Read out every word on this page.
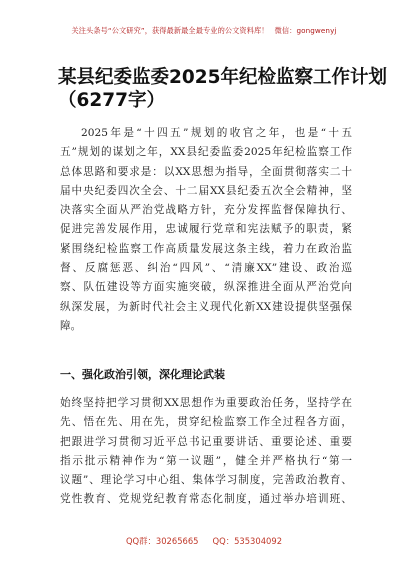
关注头条号“公文研究”，获得最新最全最专业的公文资料库！ 微信：gongwenyj
某县纪委监委2025年纪检监察工作计划
（6277字）
2025年是“十四五”规划的收官之年，也是“十五
五”规划的谋划之年，XX县纪委监委2025年纪检监察工作
总体思路和要求是：以XX思想为指导，全面贯彻落实二十
届中央纪委四次全会、十二届XX县纪委五次全会精神，坚
决落实全面从严治党战略方针，充分发挥监督保障执行、
促进完善发展作用，忠诚履行党章和宪法赋予的职责，紧
紧围绕纪检监察工作高质量发展这条主线，着力在政治监
督、反腐惩恶、纠治“四风”、“清廉XX”建设、政治巡
察、队伍建设等方面实施突破，纵深推进全面从严治党向
纵深发展，为新时代社会主义现代化新XX建设提供坚强保
障。
一、强化政治引领，深化理论武装
始终坚持把学习贯彻XX思想作为重要政治任务，坚持学在
先、悟在先、用在先，贯穿纪检监察工作全过程各方面，
把跟进学习贯彻习近平总书记重要讲话、重要论述、重要
指示批示精神作为“第一议题”，健全并严格执行“第一
议题”、理论学习中心组、集体学习制度，完善政治教育、
党性教育、党规党纪教育常态化制度，通过举办培训班、
QQ群：30265665 QQ：535304092
